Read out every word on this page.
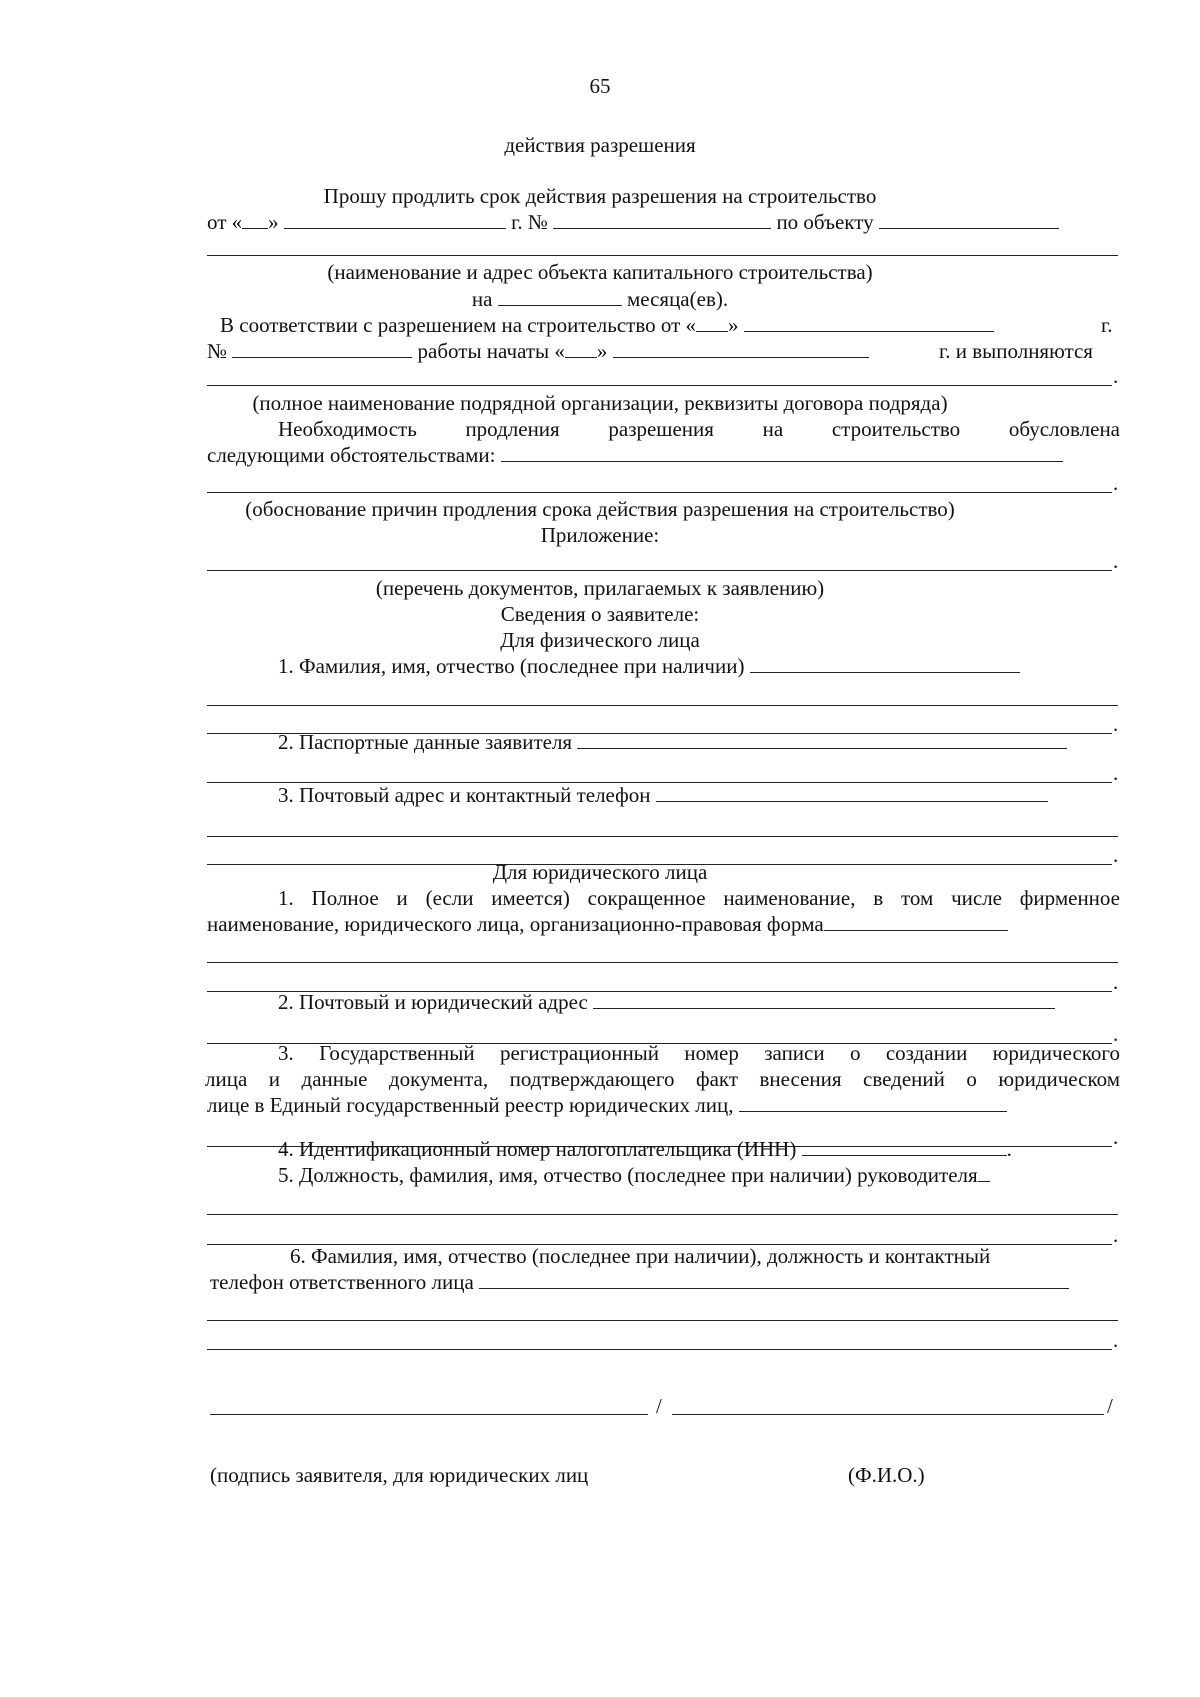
65
действия разрешения
Прошу продлить срок действия разрешения на строительство
от « »	г. №	по объекту
(наименование и адрес объекта капитального строительства)
на	месяца(ев).
В соответствии с разрешением на строительство от « »	г.
№	работы начаты « »	г. и выполняются
.
(полное наименование подрядной организации, реквизиты договора подряда)
Необходимость продления разрешения на строительство обусловлена
следующими обстоятельствами:
.
(обоснование причин продления срока действия разрешения на строительство)
Приложение:
.
(перечень документов, прилагаемых к заявлению)
Сведения о заявителе:
Для физического лица
1. Фамилия, имя, отчество (последнее при наличии)
.
2. Паспортные данные заявителя
.
3. Почтовый адрес и контактный телефон
.
Для юридического лица
1. Полное и (если имеется) сокращенное наименование, в том числе фирменное
наименование, юридического лица, организационно-правовая форма
.
2. Почтовый и юридический адрес
.
3. Государственный регистрационный номер записи о создании юридического
лица и данные документа, подтверждающего факт внесения сведений о юридическом
лице в Единый государственный реестр юридических лиц,
.
4. Идентификационный номер налогоплательщика (ИНН)	.
5. Должность, фамилия, имя, отчество (последнее при наличии) руководителя
.
6. Фамилия, имя, отчество (последнее при наличии), должность и контактный
телефон ответственного лица
.
/	/
(подпись заявителя, для юридических лиц	(Ф.И.О.)
